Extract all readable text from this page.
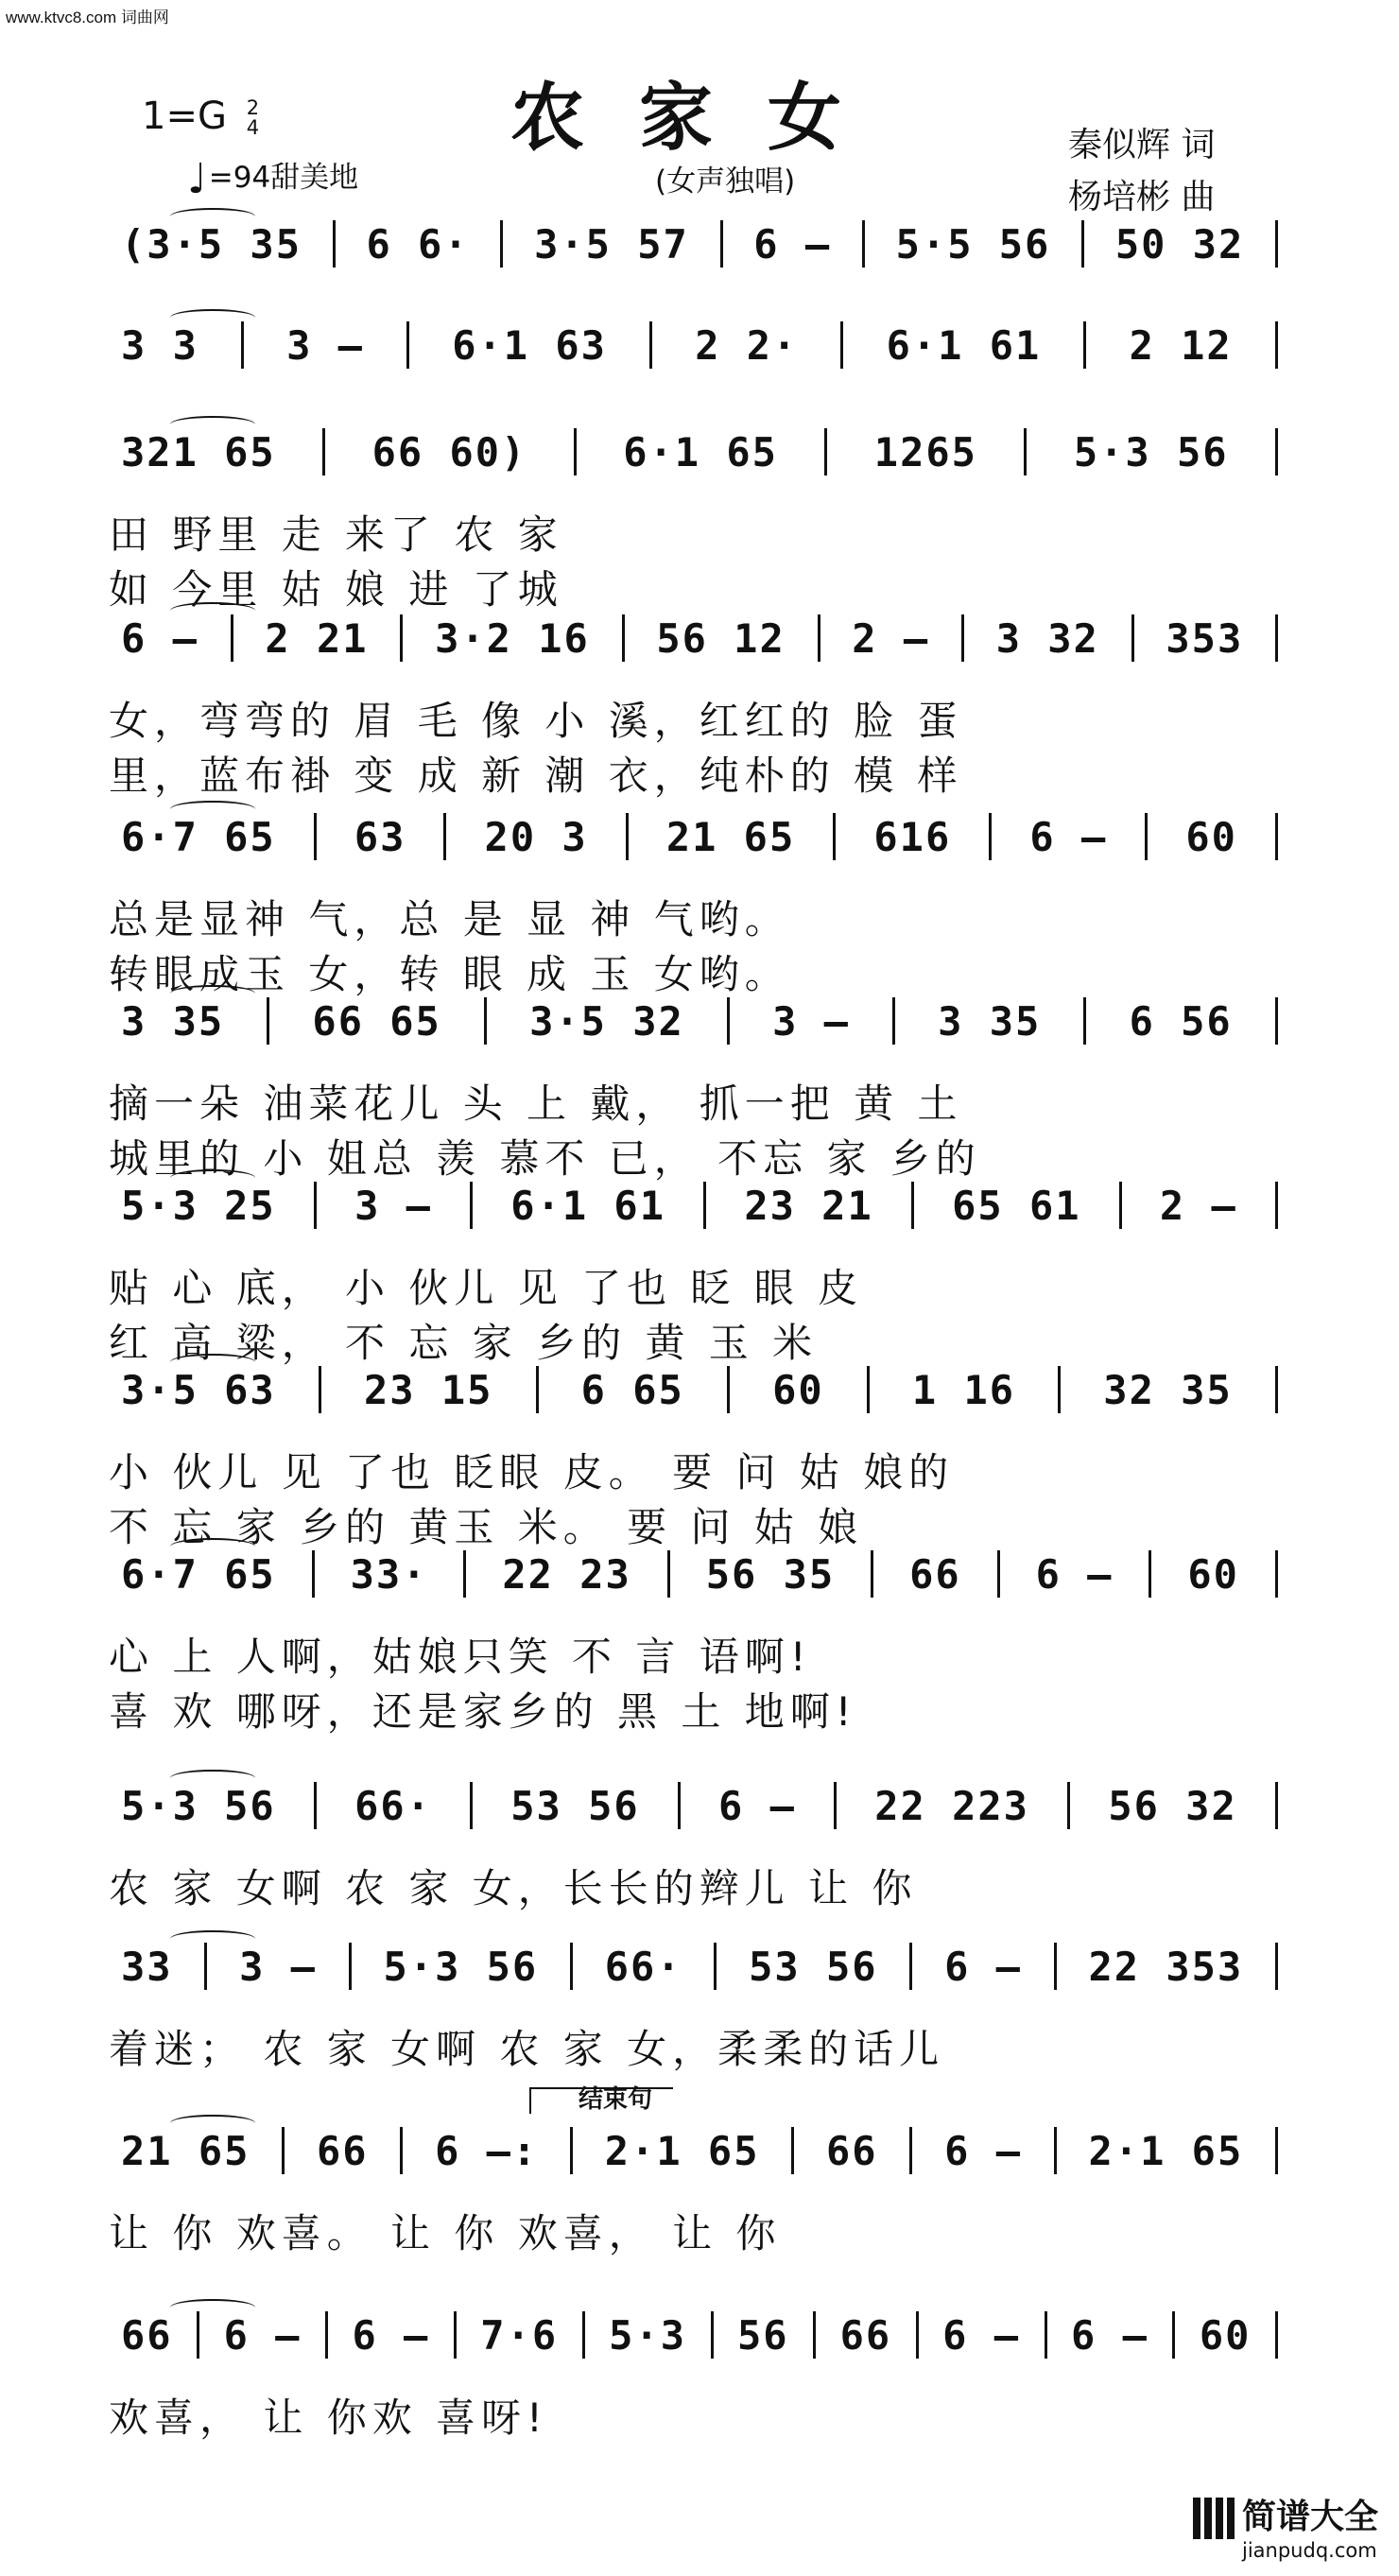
www.ktvc8.com 词曲网
农家女
1=G 2
4
♩=94甜美地	(女声独唱)
秦似辉 词
杨培彬 曲
(3·5 35 6 6· 3·5 57 6 — 5·5 56 50 32
3 3 3 — 6·1 63 2 2· 6·1 61 2 12
321 65 66 60) 6·1 65 1265 5·3 56
田 野里 走 来了 农 家
如 今里 姑 娘 进 了城
6 — 2 21 3·2 16 56 12 2 — 3 32 353
女，弯弯的 眉 毛 像 小 溪，红红的 脸 蛋
里，蓝布褂 变 成 新 潮 衣，纯朴的 模 样
6·7 65 63 20 3 21 65 616 6 — 60
总是显神 气，总 是 显 神 气哟。
转眼成玉 女，转 眼 成 玉 女哟。
3 35 66 65 3·5 32 3 — 3 35 6 56
摘一朵 油菜花儿 头 上 戴， 抓一把 黄 土
城里的 小 姐总 羡 慕不 已， 不忘 家 乡的
5·3 25 3 — 6·1 61 23 21 65 61 2 —
贴 心 底， 小 伙儿 见 了也 眨 眼 皮
红 高 粱， 不 忘 家 乡的 黄 玉 米
3·5 63 23 15 6 65 60 1 16 32 35
小 伙儿 见 了也 眨眼 皮。 要 问 姑 娘的
不 忘 家 乡的 黄玉 米。 要 问 姑 娘
6·7 65 33· 22 23 56 35 66 6 — 60
心 上 人啊，姑娘只笑 不 言 语啊!
喜 欢 哪呀，还是家乡的 黑 土 地啊!
5·3 56 66· 53 56 6 — 22 223 56 32
农 家 女啊 农 家 女，长长的辫儿 让 你
33 3 — 5·3 56 66· 53 56 6 — 22 353
着迷； 农 家 女啊 农 家 女，柔柔的话儿
21 65 66 6 —: 2·1 65 66 6 — 2·1 65
让 你 欢喜。 让 你 欢喜， 让 你
66 6 — 6 — 7·6 5·3 56 66 6 — 6 — 60
欢喜， 让 你欢 喜呀!
结束句
简谱大全
jianpudq.com
